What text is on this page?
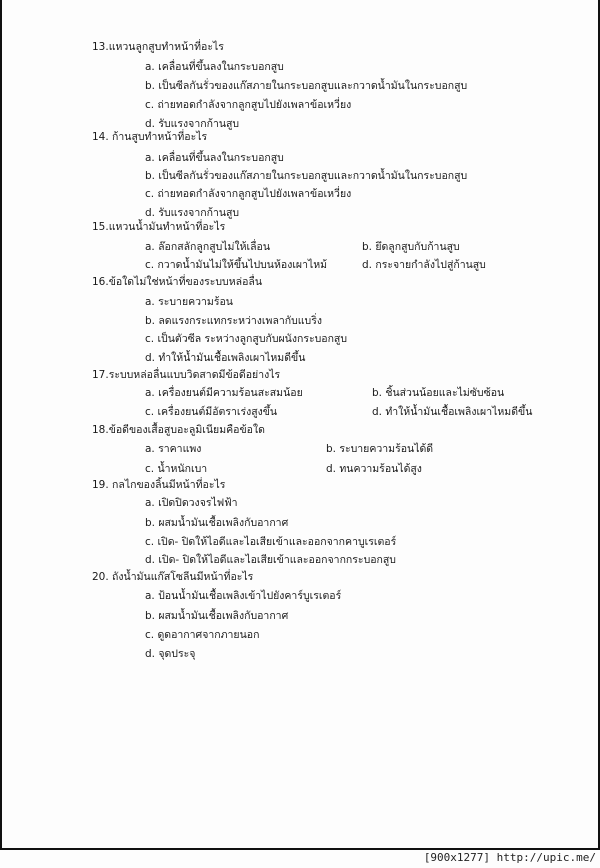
13.แหวนลูกสูบทำหน้าที่อะไร
a. เคลื่อนที่ขึ้นลงในกระบอกสูบ
b. เป็นซีลกันรั่วของแก๊สภายในกระบอกสูบและกวาดน้ำมันในกระบอกสูบ
c. ถ่ายทอดกำลังจากลูกสูบไปยังเพลาข้อเหวี่ยง
d. รับแรงจากก้านสูบ
14. ก้านสูบทำหน้าที่อะไร
a. เคลื่อนที่ขึ้นลงในกระบอกสูบ
b. เป็นซีลกันรั่วของแก๊สภายในกระบอกสูบและกวาดน้ำมันในกระบอกสูบ
c. ถ่ายทอดกำลังจากลูกสูบไปยังเพลาข้อเหวี่ยง
d. รับแรงจากก้านสูบ
15.แหวนน้ำมันทำหน้าที่อะไร
a. ล๊อกสลักลูกสูบไม่ให้เลื่อน	b. ยึดลูกสูบกับก้านสูบ
c. กวาดน้ำมันไม่ให้ขึ้นไปบนห้องเผาไหม้	d. กระจายกำลังไปสู่ก้านสูบ
16.ข้อใดไม่ใช่หน้าที่ของระบบหล่อลื่น
a. ระบายความร้อน
b. ลดแรงกระแทกระหว่างเพลากับแบริ่ง
c. เป็นตัวซีล ระหว่างลูกสูบกับผนังกระบอกสูบ
d. ทำให้น้ำมันเชื้อเพลิงเผาไหมดีขึ้น
17.ระบบหล่อลื่นแบบวิดสาดมีข้อดีอย่างไร
a. เครื่องยนต์มีความร้อนสะสมน้อย	b. ชิ้นส่วนน้อยและไม่ซับซ้อน
c. เครื่องยนต์มีอัตราเร่งสูงขึ้น	d. ทำให้น้ำมันเชื้อเพลิงเผาไหมดีขึ้น
18.ข้อดีของเสื้อสูบอะลูมิเนียมคือข้อใด
a. ราคาแพง	b. ระบายความร้อนได้ดี
c. น้ำหนักเบา	d. ทนความร้อนได้สูง
19. กลไกของลิ้นมีหน้าที่อะไร
a. เปิดปิดวงจรไฟฟ้า
b. ผสมน้ำมันเชื้อเพลิงกับอากาศ
c. เปิด- ปิดให้ไอดีและไอเสียเข้าและออกจากคาบูเรเตอร์
d. เปิด- ปิดให้ไอดีและไอเสียเข้าและออกจากกระบอกสูบ
20. ถังน้ำมันแก๊สโซลีนมีหน้าที่อะไร
a. ป้อนน้ำมันเชื้อเพลิงเข้าไปยังคาร์บูเรเตอร์
b. ผสมน้ำมันเชื้อเพลิงกับอากาศ
c. ดูดอากาศจากภายนอก
d. จุดประจุ
[900x1277] http://upic.me/
